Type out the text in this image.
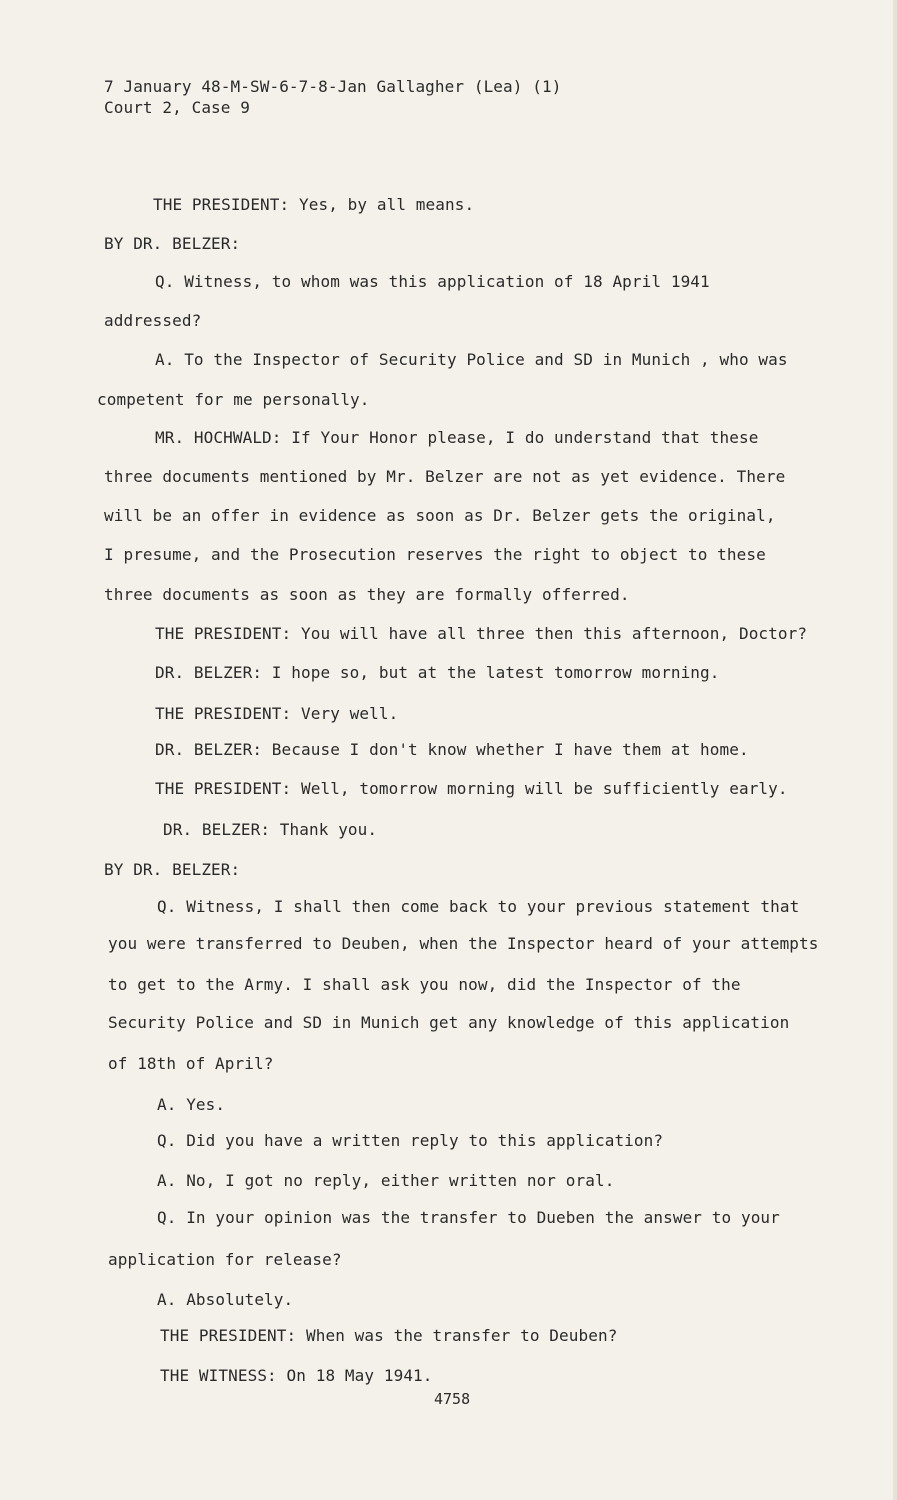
7 January 48-M-SW-6-7-8-Jan Gallagher (Lea) (1)
Court 2, Case 9
THE PRESIDENT: Yes, by all means.
BY DR. BELZER:
Q. Witness, to whom was this application of 18 April 1941
addressed?
A. To the Inspector of Security Police and SD in Munich , who was
competent for me personally.
MR. HOCHWALD: If Your Honor please, I do understand that these
three documents mentioned by Mr. Belzer are not as yet evidence. There
will be an offer in evidence as soon as Dr. Belzer gets the original,
I presume, and the Prosecution reserves the right to object to these
three documents as soon as they are formally offerred.
THE PRESIDENT: You will have all three then this afternoon, Doctor?
DR. BELZER: I hope so, but at the latest tomorrow morning.
THE PRESIDENT: Very well.
DR. BELZER: Because I don't know whether I have them at home.
THE PRESIDENT: Well, tomorrow morning will be sufficiently early.
DR. BELZER: Thank you.
BY DR. BELZER:
Q. Witness, I shall then come back to your previous statement that
you were transferred to Deuben, when the Inspector heard of your attempts
to get to the Army. I shall ask you now, did the Inspector of the
Security Police and SD in Munich get any knowledge of this application
of 18th of April?
A. Yes.
Q. Did you have a written reply to this application?
A. No, I got no reply, either written nor oral.
Q. In your opinion was the transfer to Dueben the answer to your
application for release?
A. Absolutely.
THE PRESIDENT: When was the transfer to Deuben?
THE WITNESS: On 18 May 1941.
4758
